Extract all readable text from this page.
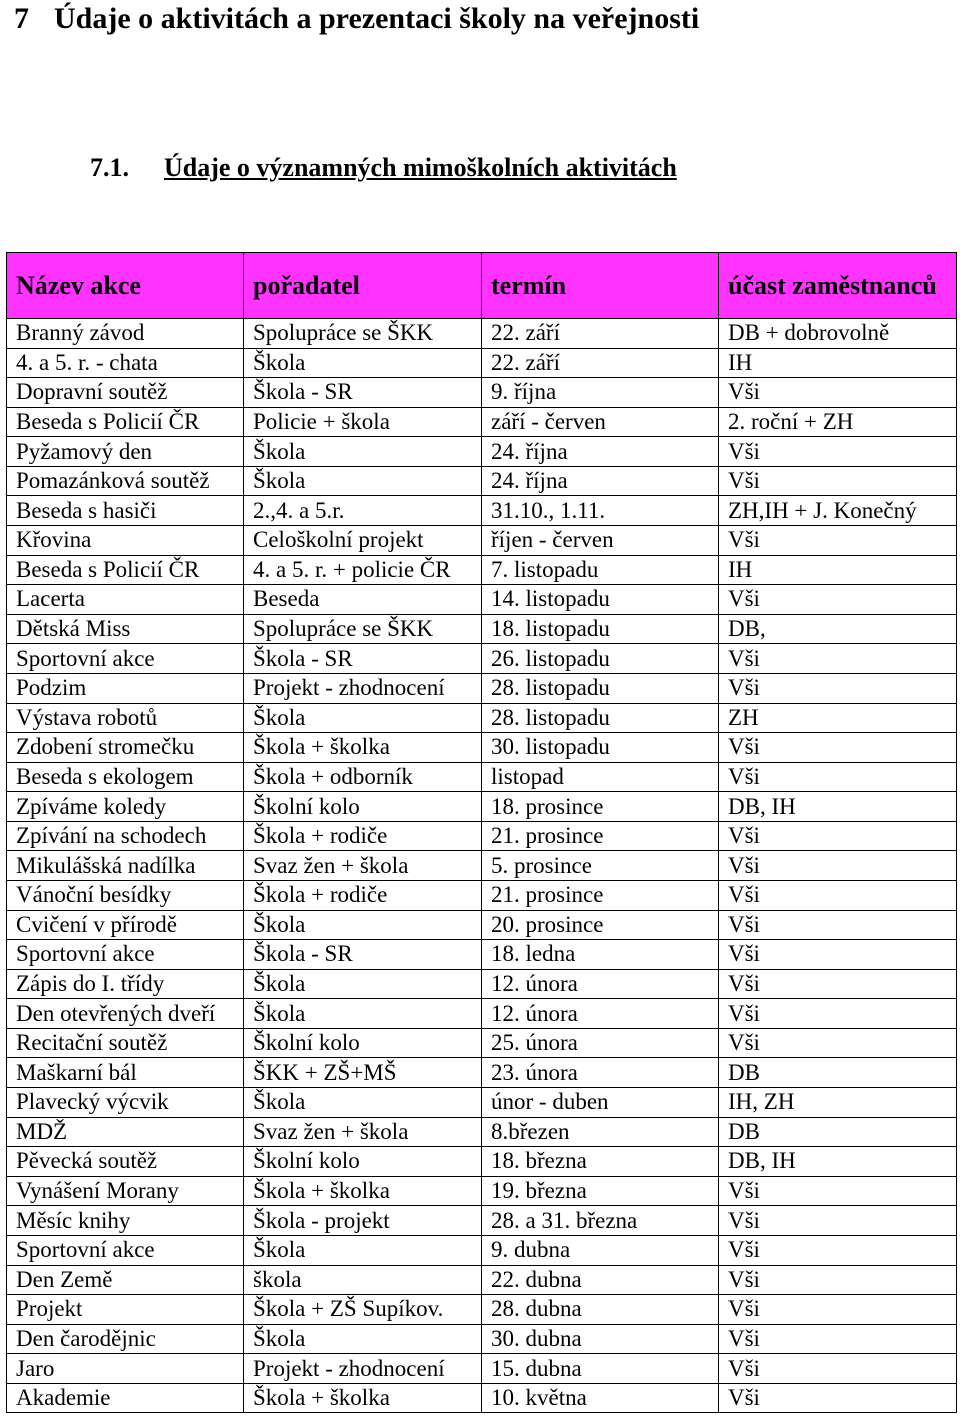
7 Údaje o aktivitách a prezentaci školy na veřejnosti
7.1. Údaje o významných mimoškolních aktivitách
Název akce	pořadatel	termín	účast zaměstnanců
Branný závod	Spolupráce se ŠKK	22. září	DB + dobrovolně
4. a 5. r. - chata	Škola	22. září	IH
Dopravní soutěž	Škola - SR	9. října	Vši
Beseda s Policií ČR	Policie + škola	září - červen	2. roční + ZH
Pyžamový den	Škola	24. října	Vši
Pomazánková soutěž	Škola	24. října	Vši
Beseda s hasiči	2.,4. a 5.r.	31.10., 1.11.	ZH,IH + J. Konečný
Křovina	Celoškolní projekt	říjen - červen	Vši
Beseda s Policií ČR	4. a 5. r. + policie ČR	7. listopadu	IH
Lacerta	Beseda	14. listopadu	Vši
Dětská Miss	Spolupráce se ŠKK	18. listopadu	DB,
Sportovní akce	Škola - SR	26. listopadu	Vši
Podzim	Projekt - zhodnocení	28. listopadu	Vši
Výstava robotů	Škola	28. listopadu	ZH
Zdobení stromečku	Škola + školka	30. listopadu	Vši
Beseda s ekologem	Škola + odborník	listopad	Vši
Zpíváme koledy	Školní kolo	18. prosince	DB, IH
Zpívání na schodech	Škola + rodiče	21. prosince	Vši
Mikulášská nadílka	Svaz žen + škola	5. prosince	Vši
Vánoční besídky	Škola + rodiče	21. prosince	Vši
Cvičení v přírodě	Škola	20. prosince	Vši
Sportovní akce	Škola - SR	18. ledna	Vši
Zápis do I. třídy	Škola	12. února	Vši
Den otevřených dveří	Škola	12. února	Vši
Recitační soutěž	Školní kolo	25. února	Vši
Maškarní bál	ŠKK + ZŠ+MŠ	23. února	DB
Plavecký výcvik	Škola	únor - duben	IH, ZH
MDŽ	Svaz žen + škola	8.březen	DB
Pěvecká soutěž	Školní kolo	18. března	DB, IH
Vynášení Morany	Škola + školka	19. března	Vši
Měsíc knihy	Škola - projekt	28. a 31. března	Vši
Sportovní akce	Škola	9. dubna	Vši
Den Země	škola	22. dubna	Vši
Projekt	Škola + ZŠ Supíkov.	28. dubna	Vši
Den čarodějnic	Škola	30. dubna	Vši
Jaro	Projekt - zhodnocení	15. dubna	Vši
Akademie	Škola + školka	10. května	Vši
